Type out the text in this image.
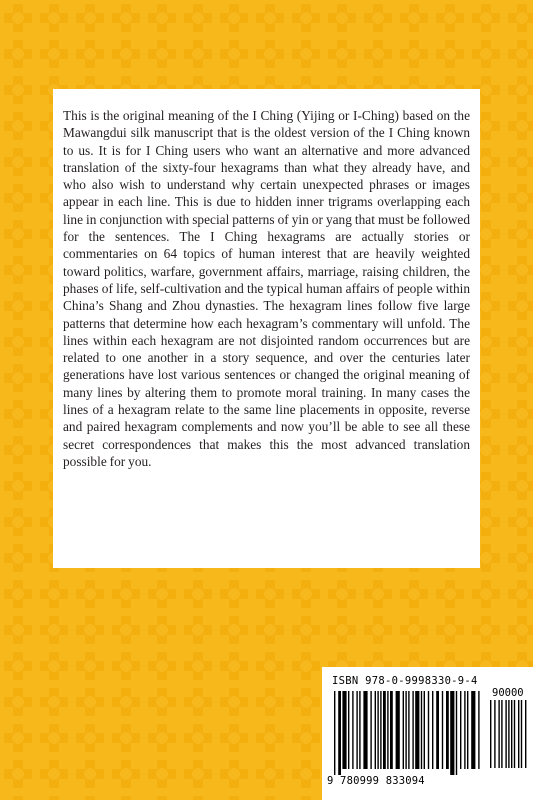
This is the original meaning of the I Ching (Yijing or I-Ching) based on the Mawangdui silk manuscript that is the oldest version of the I Ching known to us. It is for I Ching users who want an alternative and more advanced translation of the sixty-four hexagrams than what they already have, and who also wish to understand why certain unexpected phrases or images appear in each line. This is due to hidden inner trigrams overlapping each line in conjunction with special patterns of yin or yang that must be followed for the sentences. The I Ching hexagrams are actually stories or commentaries on 64 topics of human interest that are heavily weighted toward politics, warfare, government affairs, marriage, raising children, the phases of life, self-cultivation and the typical human affairs of people within China’s Shang and Zhou dynasties. The hexagram lines follow five large patterns that determine how each hexagram’s commentary will unfold. The lines within each hexagram are not disjointed random occurrences but are related to one another in a story sequence, and over the centuries later generations have lost various sentences or changed the original meaning of many lines by altering them to promote moral training. In many cases the lines of a hexagram relate to the same line placements in opposite, reverse and paired hexagram complements and now you’ll be able to see all these secret correspondences that makes this the most advanced translation possible for you.

ISBN 978-0-9998330-9-4
90000
9 780999 833094
